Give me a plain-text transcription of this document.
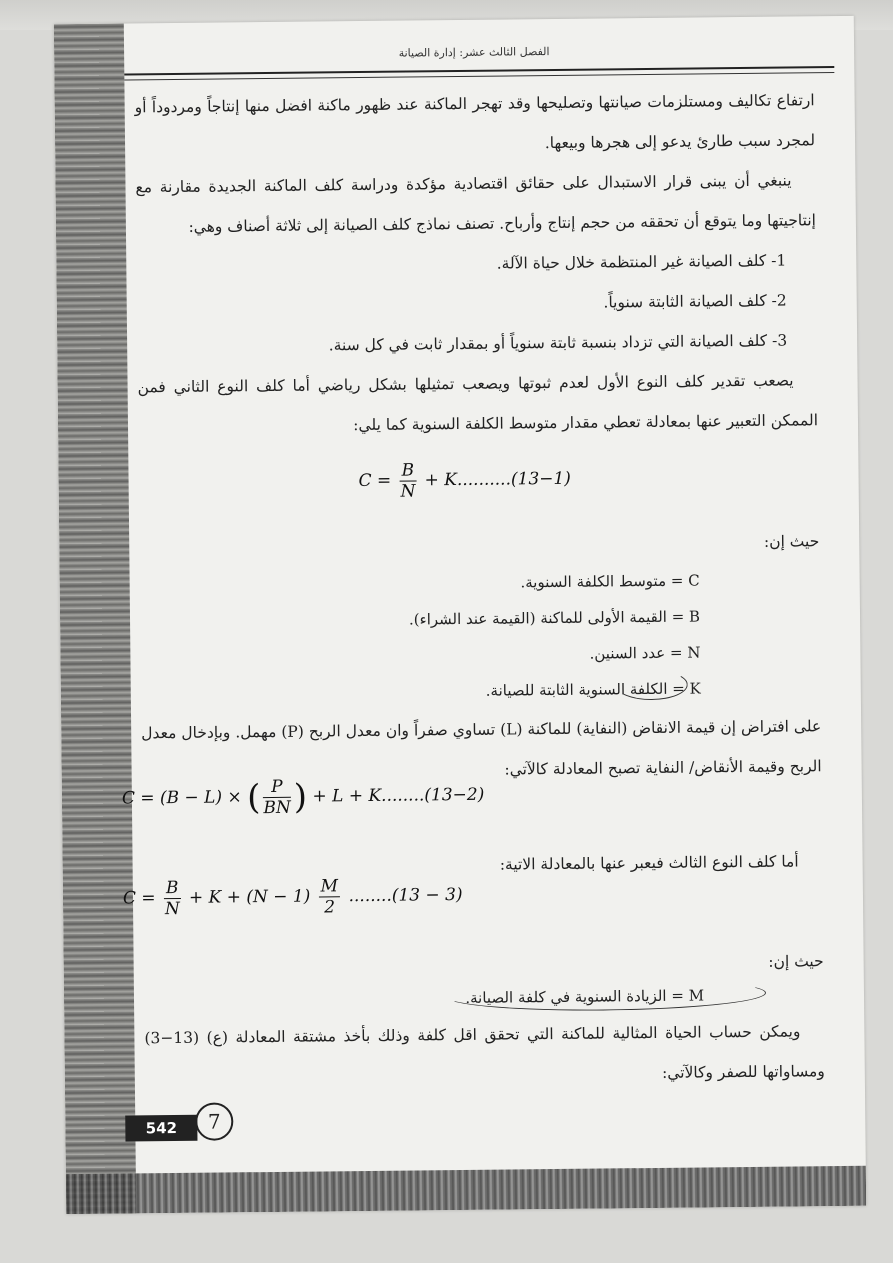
الفصل الثالث عشر: إدارة الصيانة

ارتفاع تكاليف ومستلزمات صيانتها وتصليحها وقد تهجر الماكنة عند ظهور ماكنة افضل منها إنتاجاً ومردوداً أو لمجرد سبب طارئ يدعو إلى هجرها وبيعها.

ينبغي أن يبنى قرار الاستبدال على حقائق اقتصادية مؤكدة ودراسة كلف الماكنة الجديدة مقارنة مع إنتاجيتها وما يتوقع أن تحققه من حجم إنتاج وأرباح. تصنف نماذج كلف الصيانة إلى ثلاثة أصناف وهي:

1- كلف الصيانة غير المنتظمة خلال حياة الآلة.

2- كلف الصيانة الثابتة سنوياً.

3- كلف الصيانة التي تزداد بنسبة ثابتة سنوياً أو بمقدار ثابت في كل سنة.

يصعب تقدير كلف النوع الأول لعدم ثبوتها ويصعب تمثيلها بشكل رياضي أما كلف النوع الثاني فمن الممكن التعبير عنها بمعادلة تعطي مقدار متوسط الكلفة السنوية كما يلي:

$C = \frac{B}{N} + K..........(13-1)$

حيث إن:

C = متوسط الكلفة السنوية.
B = القيمة الأولى للماكنة (القيمة عند الشراء).
N = عدد السنين.
K = الكلفة السنوية الثابتة للصيانة.

على افتراض إن قيمة الانقاض (النفاية) للماكنة (L) تساوي صفراً وان معدل الربح (P) مهمل. وبإدخال معدل الربح وقيمة الأنقاض/ النفاية تصبح المعادلة كالآتي:

C = (B − L) × ( $\frac{P}{BN}$ ) + L + K........(13−2)

أما كلف النوع الثالث فيعبر عنها بالمعادلة الاتية:

$C = \frac{B}{N} + K + (N - 1) \frac{M}{2} ........(13 - 3)$

حيث إن:

M = الزيادة السنوية في كلفة الصيانة.

ويمكن حساب الحياة المثالية للماكنة التي تحقق اقل كلفة وذلك بأخذ مشتقة المعادلة (ع) (13−3) ومساواتها للصفر وكالآتي:

542	7
